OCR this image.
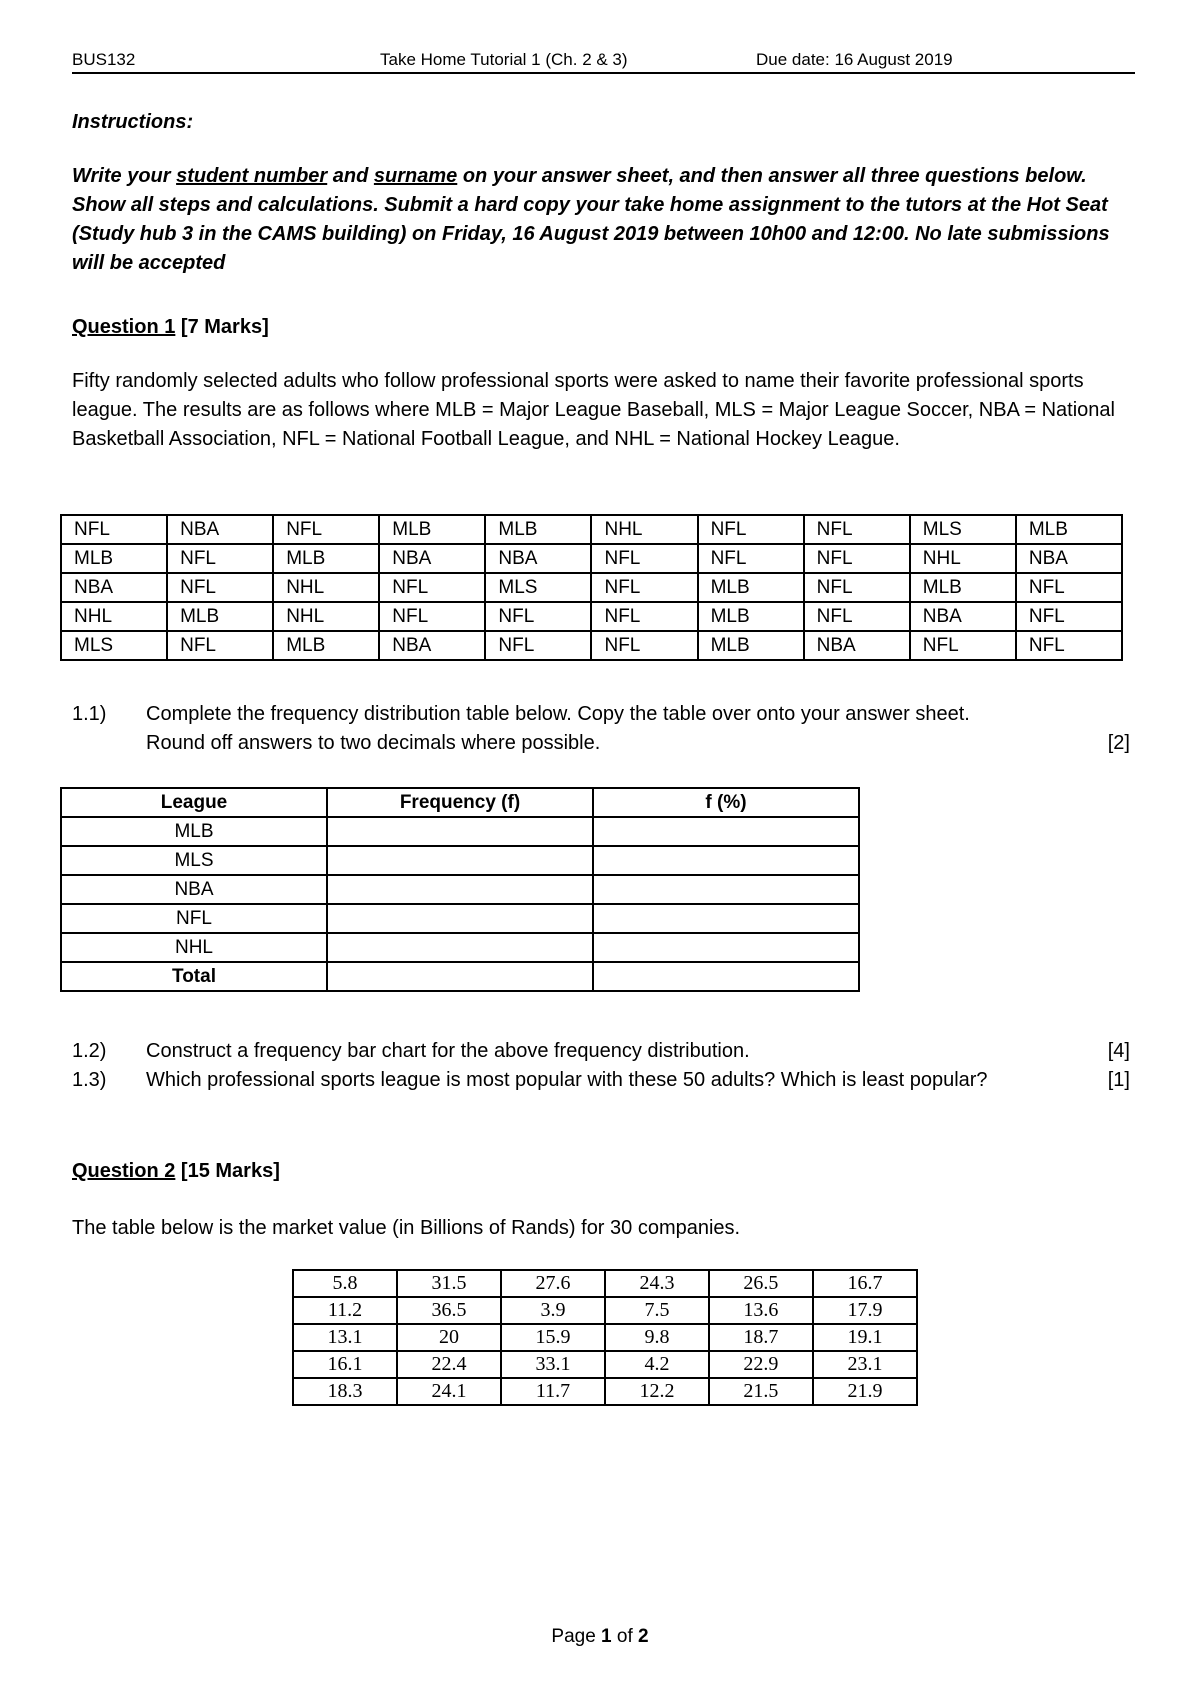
BUS132	Take Home Tutorial 1 (Ch. 2 & 3)	Due date: 16 August 2019
Instructions:
Write your student number and surname on your answer sheet, and then answer all three questions below. Show all steps and calculations. Submit a hard copy your take home assignment to the tutors at the Hot Seat (Study hub 3 in the CAMS building) on Friday, 16 August 2019 between 10h00 and 12:00. No late submissions will be accepted
Question 1 [7 Marks]
Fifty randomly selected adults who follow professional sports were asked to name their favorite professional sports league. The results are as follows where MLB = Major League Baseball, MLS = Major League Soccer, NBA = National Basketball Association, NFL = National Football League, and NHL = National Hockey League.
NFL	NBA	NFL	MLB	MLB	NHL	NFL	NFL	MLS	MLB
MLB	NFL	MLB	NBA	NBA	NFL	NFL	NFL	NHL	NBA
NBA	NFL	NHL	NFL	MLS	NFL	MLB	NFL	MLB	NFL
NHL	MLB	NHL	NFL	NFL	NFL	MLB	NFL	NBA	NFL
MLS	NFL	MLB	NBA	NFL	NFL	MLB	NBA	NFL	NFL
1.1) Complete the frequency distribution table below. Copy the table over onto your answer sheet.
Round off answers to two decimals where possible.	[2]
League	Frequency (f)	f (%)
MLB		
MLS		
NBA		
NFL		
NHL		
Total		
1.2) Construct a frequency bar chart for the above frequency distribution.	[4]
1.3) Which professional sports league is most popular with these 50 adults? Which is least popular?	[1]
Question 2 [15 Marks]
The table below is the market value (in Billions of Rands) for 30 companies.
5.8	31.5	27.6	24.3	26.5	16.7
11.2	36.5	3.9	7.5	13.6	17.9
13.1	20	15.9	9.8	18.7	19.1
16.1	22.4	33.1	4.2	22.9	23.1
18.3	24.1	11.7	12.2	21.5	21.9
Page 1 of 2
